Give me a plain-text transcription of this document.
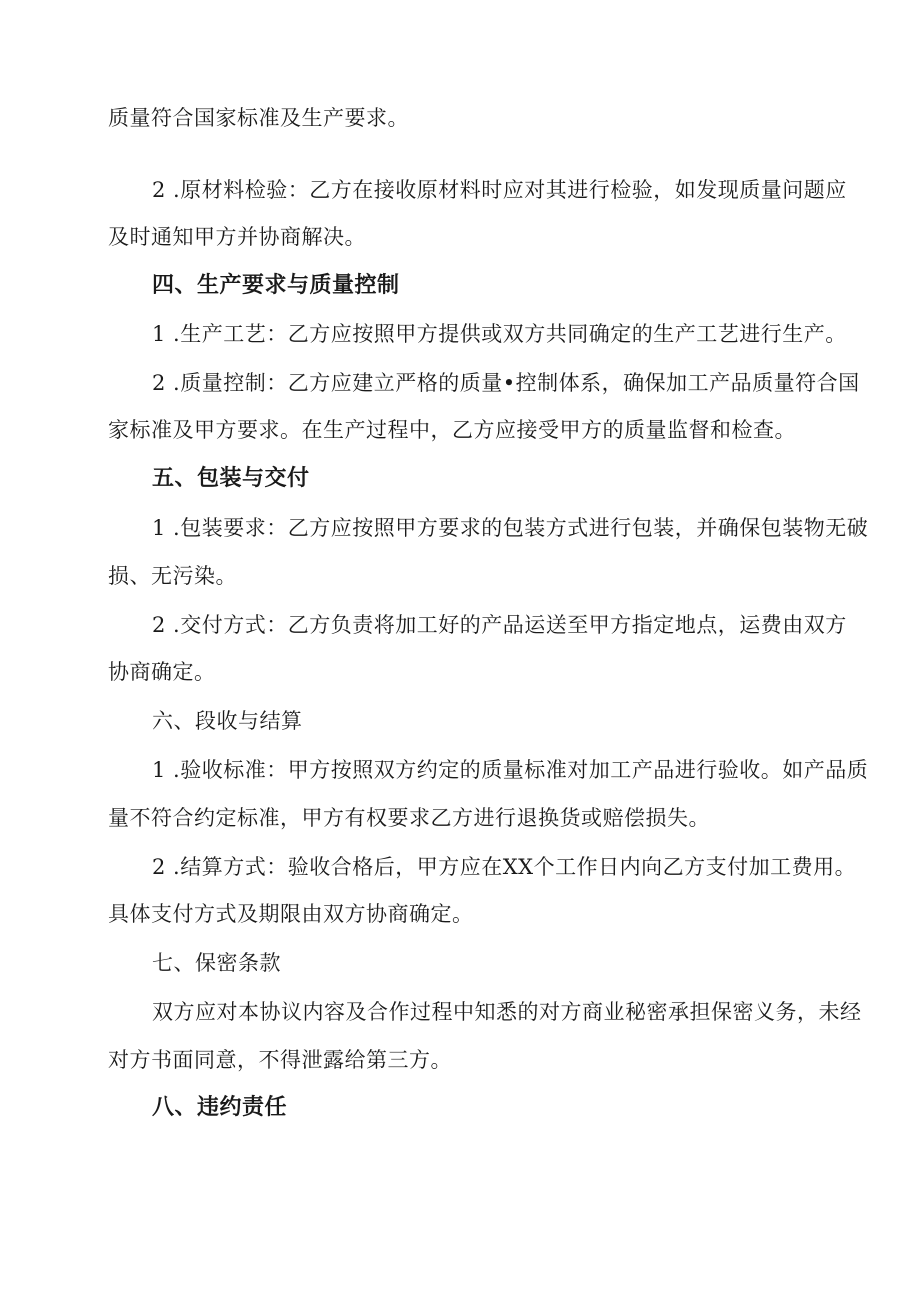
质量符合国家标准及生产要求。
2 .原材料检验：乙方在接收原材料时应对其进行检验，如发现质量问题应
及时通知甲方并协商解决。
四、生产要求与质量控制
1 .生产工艺：乙方应按照甲方提供或双方共同确定的生产工艺进行生产。
2 .质量控制：乙方应建立严格的质量•控制体系，确保加工产品质量符合国
家标准及甲方要求。在生产过程中，乙方应接受甲方的质量监督和检查。
五、包装与交付
1 .包装要求：乙方应按照甲方要求的包装方式进行包装，并确保包装物无破
损、无污染。
2 .交付方式：乙方负责将加工好的产品运送至甲方指定地点，运费由双方
协商确定。
六、段收与结算
1 .验收标准：甲方按照双方约定的质量标准对加工产品进行验收。如产品质
量不符合约定标准，甲方有权要求乙方进行退换货或赔偿损失。
2 .结算方式：验收合格后，甲方应在XX个工作日内向乙方支付加工费用。
具体支付方式及期限由双方协商确定。
七、保密条款
双方应对本协议内容及合作过程中知悉的对方商业秘密承担保密义务，未经
对方书面同意，不得泄露给第三方。
八、违约责任
